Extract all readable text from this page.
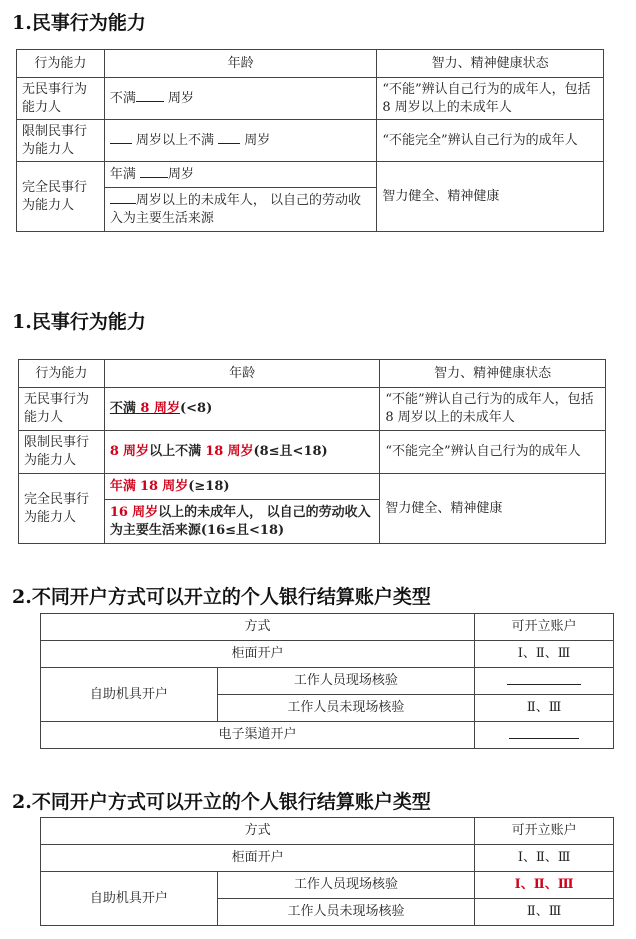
1.民事行为能力
行为能力	年龄	智力、精神健康状态
无民事行为能力人	不满 周岁	“不能”辨认自己行为的成年人，包括 8 周岁以上的未成年人
限制民事行为能力人	周岁以上不满 周岁	“不能完全”辨认自己行为的成年人
完全民事行为能力人	年满 周岁	智力健全、精神健康
	周岁以上的未成年人， 以自己的劳动收入为主要生活来源	
1.民事行为能力
行为能力	年龄	智力、精神健康状态
无民事行为能力人	不满 8 周岁(<8)	“不能”辨认自己行为的成年人，包括 8 周岁以上的未成年人
限制民事行为能力人	8 周岁以上不满 18 周岁(8≤且<18)	“不能完全”辨认自己行为的成年人
完全民事行为能力人	年满 18 周岁(≥18)	智力健全、精神健康
	16 周岁以上的未成年人， 以自己的劳动收入为主要生活来源(16≤且<18)	
2.不同开户方式可以开立的个人银行结算账户类型
方式		可开立账户
柜面开户		Ⅰ、Ⅱ、Ⅲ
自助机具开户	工作人员现场核验	
	工作人员未现场核验	Ⅱ、Ⅲ
电子渠道开户		
2.不同开户方式可以开立的个人银行结算账户类型
方式		可开立账户
柜面开户		Ⅰ、Ⅱ、Ⅲ
自助机具开户	工作人员现场核验	Ⅰ、Ⅱ、Ⅲ
	工作人员未现场核验	Ⅱ、Ⅲ
